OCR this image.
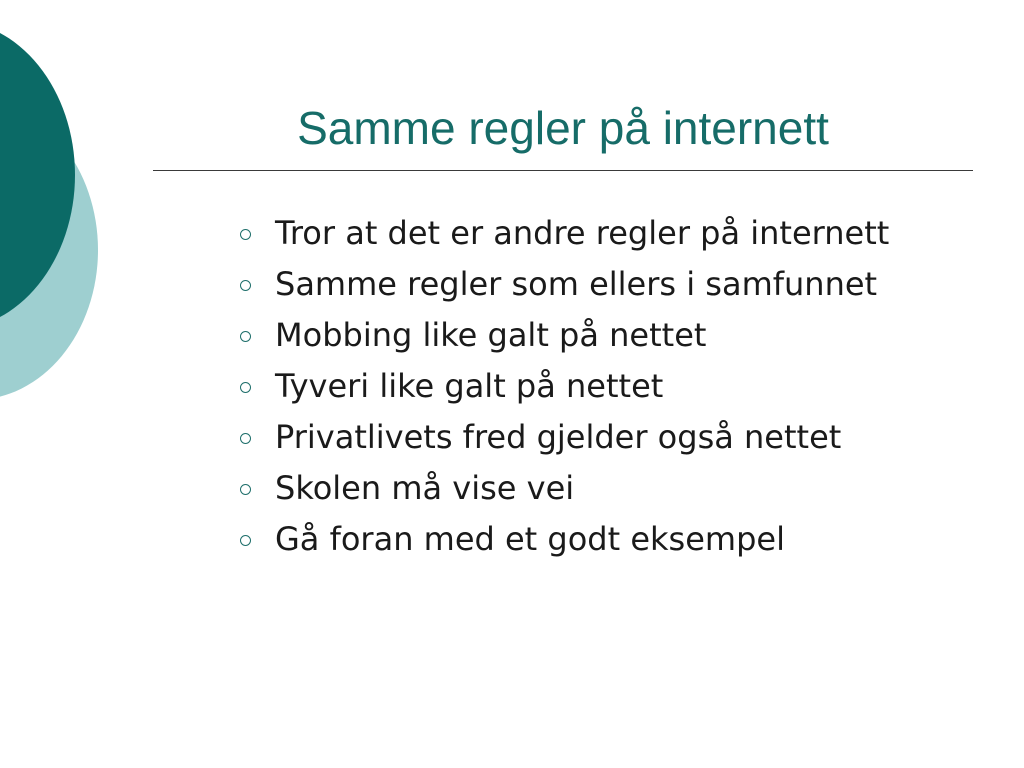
Samme regler på internett
Tror at det er andre regler på internett
Samme regler som ellers i samfunnet
Mobbing like galt på nettet
Tyveri like galt på nettet
Privatlivets fred gjelder også nettet
Skolen må vise vei
Gå foran med et godt eksempel
